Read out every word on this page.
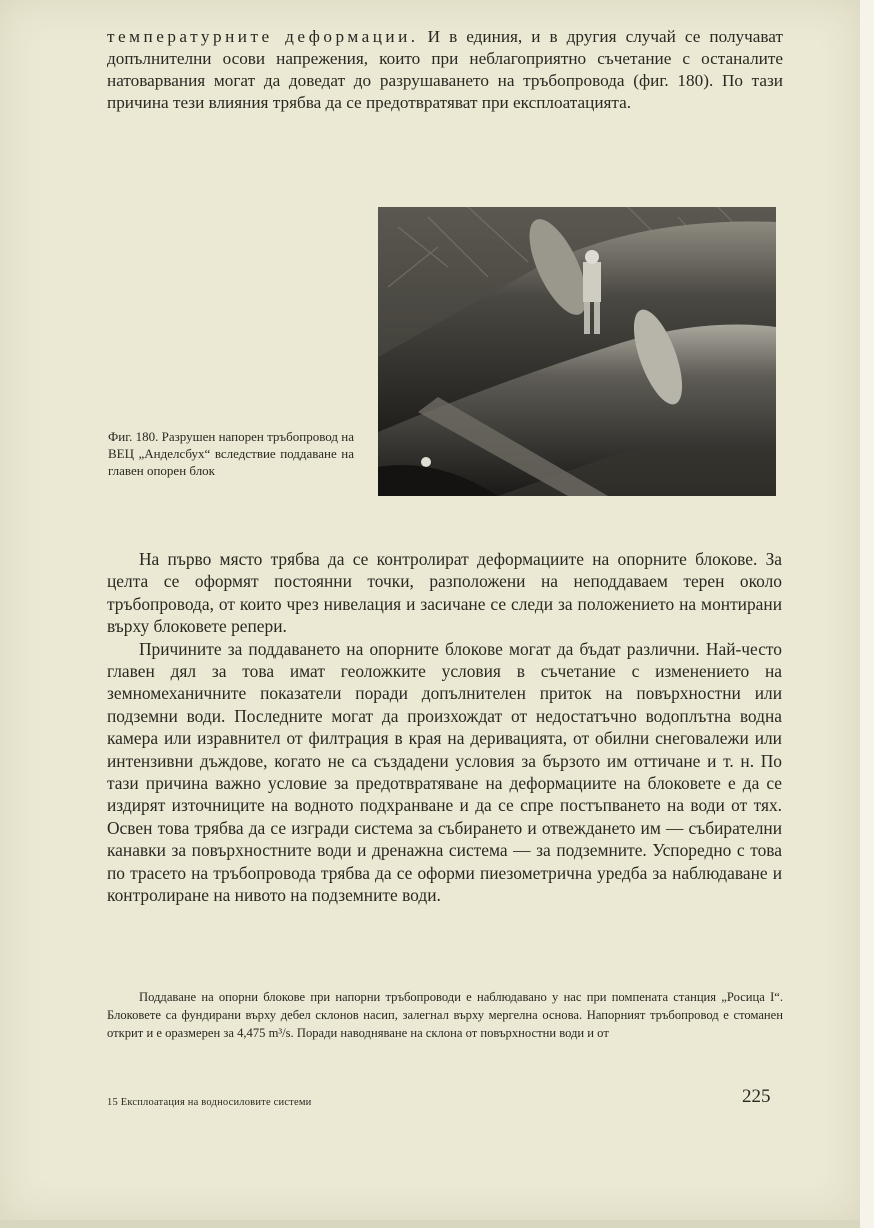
температурните деформации. И в единия, и в другия случай се получават допълнителни осови напрежения, които при неблагоприятно съчетание с останалите натоварвания могат да доведат до разрушаването на тръбопровода (фиг. 180). По тази причина тези влияния трябва да се предотвратяват при експлоатацията.
Фиг. 180. Разрушен напорен тръбопровод на ВЕЦ „Анделсбух“ вследствие поддаване на главен опорен блок

На първо място трябва да се контролират деформациите на опорните блокове. За целта се оформят постоянни точки, разположени на неподдаваем терен около тръбопровода, от които чрез нивелация и засичане се следи за положението на монтирани върху блоковете репери.

Причините за поддаването на опорните блокове могат да бъдат различни. Най-често главен дял за това имат геоложките условия в съчетание с изменението на земномеханичните показатели поради допълнителен приток на повърхностни или подземни води. Последните могат да произхождат от недостатъчно водоплътна водна камера или изравнител от филтрация в края на деривацията, от обилни снеговалежи или интензивни дъждове, когато не са създадени условия за бързото им оттичане и т. н. По тази причина важно условие за предотвратяване на деформациите на блоковете е да се издирят източниците на водното подхранване и да се спре постъпването на води от тях. Освен това трябва да се изгради система за събирането и отвеждането им — събирателни канавки за повърхностните води и дренажна система — за подземните. Успоредно с това по трасето на тръбопровода трябва да се оформи пиезометрична уредба за наблюдаване и контролиране на нивото на подземните води.

Поддаване на опорни блокове при напорни тръбопроводи е наблюдавано у нас при помпената станция „Росица I“. Блоковете са фундирани върху дебел склонов насип, залегнал върху мергелна основа. Напорният тръбопровод е стоманен открит и е оразмерен за 4,475 m³/s. Поради наводняване на склона от повърхностни води и от

15 Експлоатация на водносиловите системи	225
